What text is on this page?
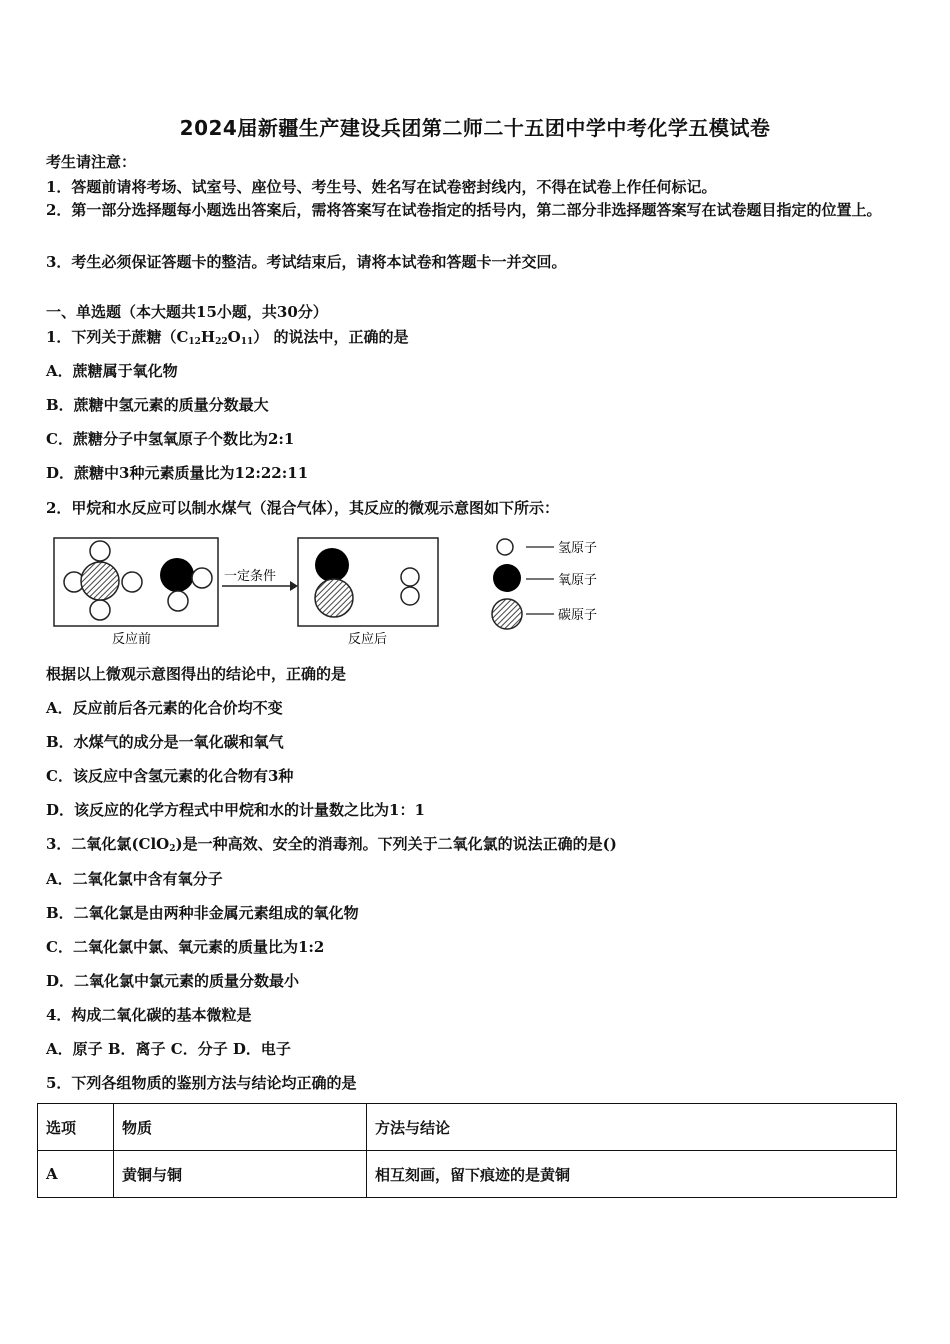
2024届新疆生产建设兵团第二师二十五团中学中考化学五模试卷
考生请注意：
1．答题前请将考场、试室号、座位号、考生号、姓名写在试卷密封线内，不得在试卷上作任何标记。
2．第一部分选择题每小题选出答案后，需将答案写在试卷指定的括号内，第二部分非选择题答案写在试卷题目指定的位置上。
3．考生必须保证答题卡的整洁。考试结束后，请将本试卷和答题卡一并交回。
一、单选题（本大题共15小题，共30分）
1．下列关于蔗糖$(C_{12}H_{22}O_{11})$ 的说法中，正确的是
A．蔗糖属于氧化物
B．蔗糖中氢元素的质量分数最大
C．蔗糖分子中氢氧原子个数比为2:1
D．蔗糖中3种元素质量比为12:22:11
2．甲烷和水反应可以制水煤气（混合气体），其反应的微观示意图如下所示：
反应前
一定条件
反应后
氢原子
氧原子
碳原子
根据以上微观示意图得出的结论中，正确的是
A．反应前后各元素的化合价均不变
B．水煤气的成分是一氧化碳和氧气
C．该反应中含氢元素的化合物有3种
D．该反应的化学方程式中甲烷和水的计量数之比为1：1
3．二氧化氯(ClO$_2$)是一种高效、安全的消毒剂。下列关于二氧化氯的说法正确的是()
A．二氧化氯中含有氧分子
B．二氧化氯是由两种非金属元素组成的氧化物
C．二氧化氯中氯、氧元素的质量比为1:2
D．二氧化氯中氯元素的质量分数最小
4．构成二氧化碳的基本微粒是
A．原子 B．离子 C．分子 D．电子
5．下列各组物质的鉴别方法与结论均正确的是
选项	物质	方法与结论
A	黄铜与铜	相互刻画，留下痕迹的是黄铜
